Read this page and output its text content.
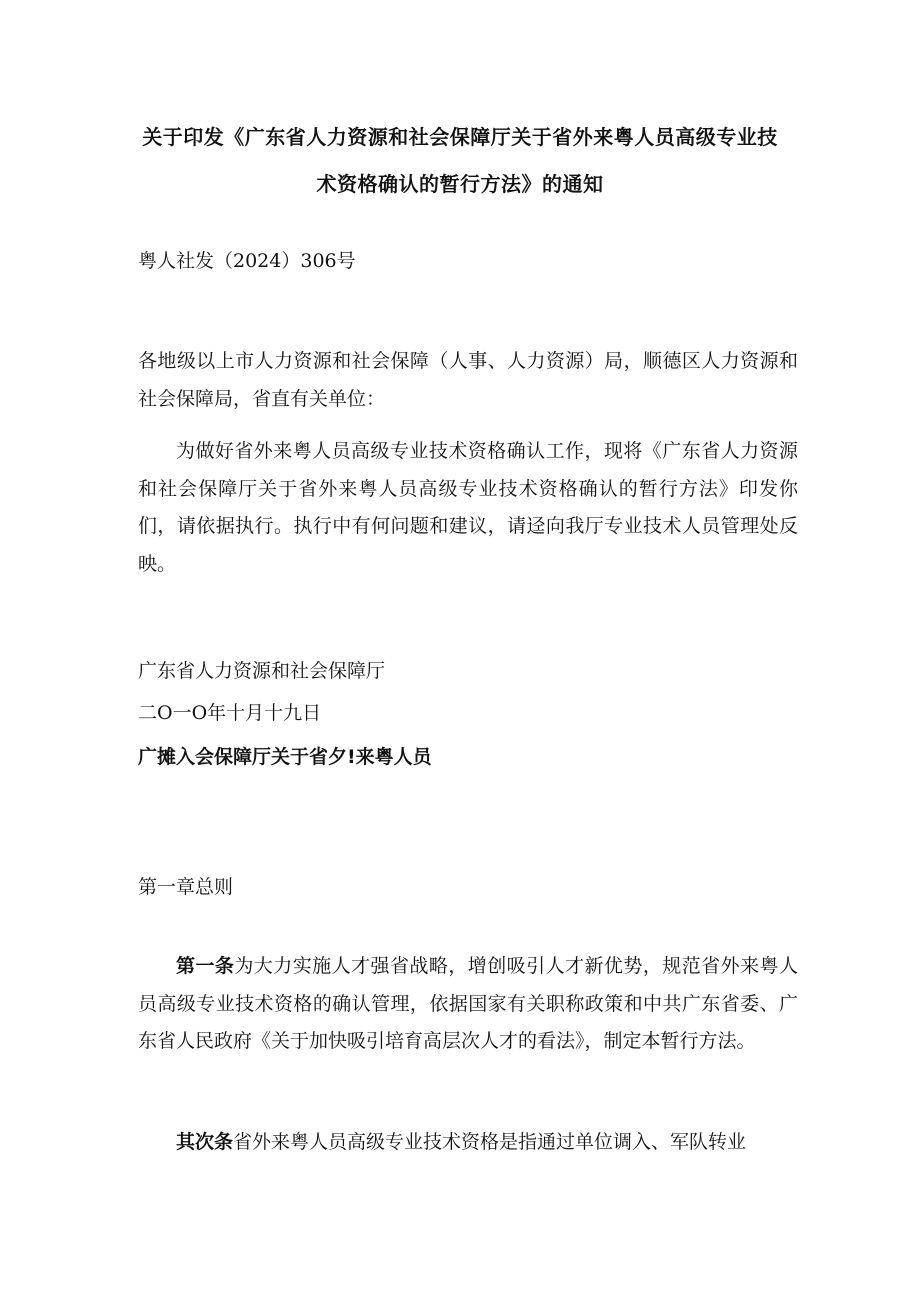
关于印发《广东省人力资源和社会保障厅关于省外来粤人员高级专业技
术资格确认的暂行方法》的通知
粤人社发（2024）306号
各地级以上市人力资源和社会保障（人事、人力资源）局，顺德区人力资源和社会保障局，省直有关单位：
为做好省外来粤人员高级专业技术资格确认工作，现将《广东省人力资源和社会保障厅关于省外来粤人员高级专业技术资格确认的暂行方法》印发你们，请依据执行。执行中有何问题和建议，请迳向我厅专业技术人员管理处反映。
广东省人力资源和社会保障厅
二O一O年十月十九日
广摊入会保障厅关于省夕!来粤人员
第一章总则
第一条为大力实施人才强省战略，增创吸引人才新优势，规范省外来粤人员高级专业技术资格的确认管理，依据国家有关职称政策和中共广东省委、广东省人民政府《关于加快吸引培育高层次人才的看法》，制定本暂行方法。
其次条省外来粤人员高级专业技术资格是指通过单位调入、军队转业
